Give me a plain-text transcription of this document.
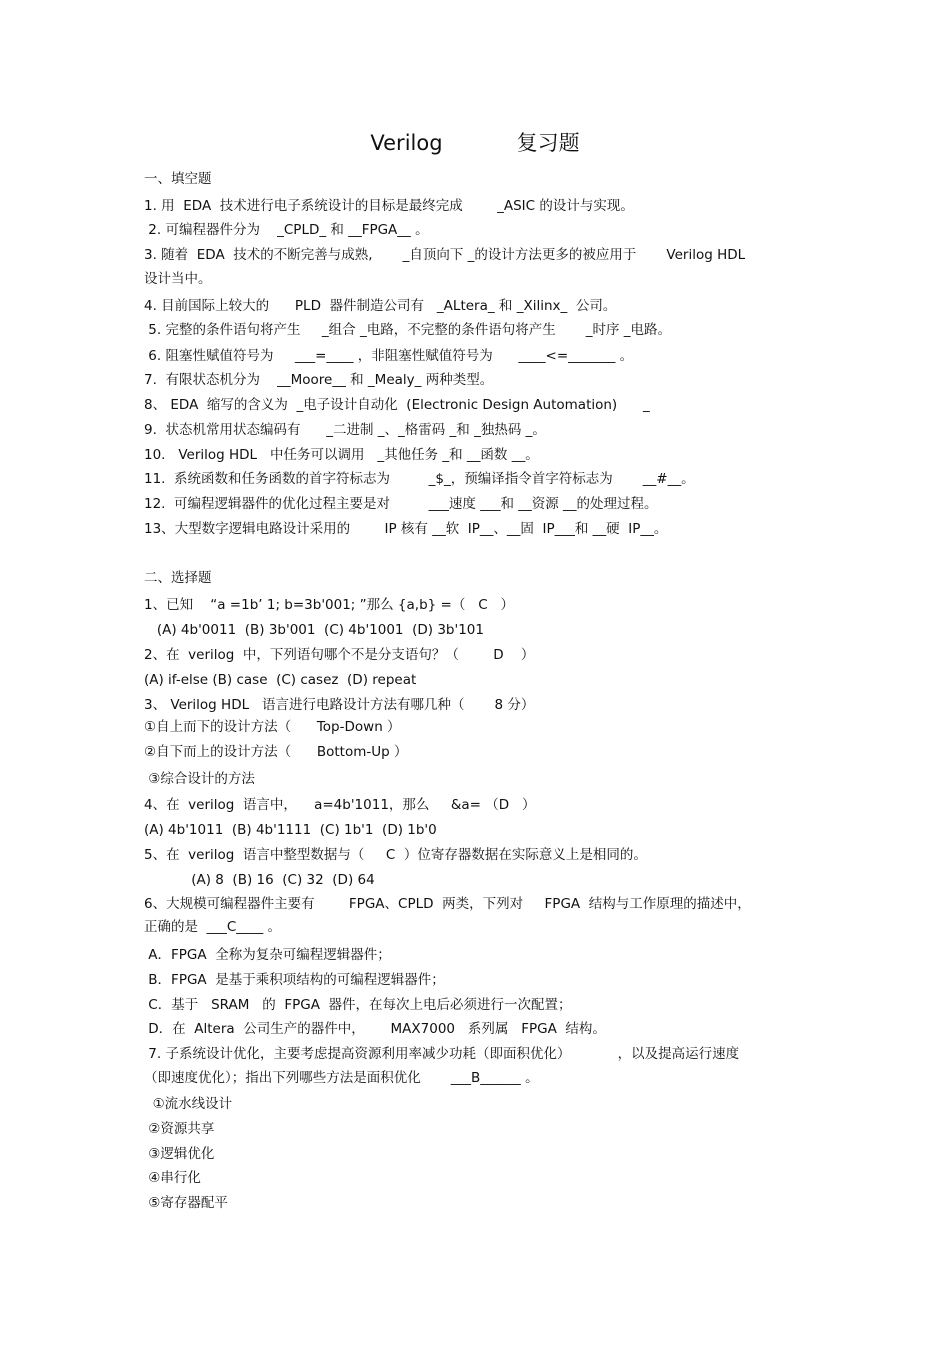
Verilog   复习题
一、填空题
1. 用  EDA  技术进行电子系统设计的目标是最终完成        _ASIC 的设计与实现。
2. 可编程器件分为    _CPLD_ 和 __FPGA__ 。
3. 随着  EDA  技术的不断完善与成熟,       _自顶向下 _的设计方法更多的被应用于       Verilog HDL
设计当中。
4. 目前国际上较大的      PLD  器件制造公司有   _ALtera_ 和 _Xilinx_  公司。
5. 完整的条件语句将产生     _组合 _电路，不完整的条件语句将产生       _时序 _电路。
6. 阻塞性赋值符号为     ___=____ ，非阻塞性赋值符号为      ____<=_______ 。
7.  有限状态机分为    __Moore__ 和 _Mealy_ 两种类型。
8、 EDA  缩写的含义为  _电子设计自动化  (Electronic Design Automation)      _
9.  状态机常用状态编码有      _二进制 _、_格雷码 _和 _独热码 _。
10.   Verilog HDL   中任务可以调用   _其他任务 _和 __函数 __。
11.  系统函数和任务函数的首字符标志为         _$_，预编译指令首字符标志为       __#__。
12.  可编程逻辑器件的优化过程主要是对         ___速度 ___和 __资源 __的处理过程。
13、大型数字逻辑电路设计采用的        IP 核有 __软  IP__、__固  IP___和 __硬  IP__。
二、选择题
1、已知    “a =1b’ 1; b=3b'001; ”那么 {a,b} =（   C   ）
(A) 4b'0011  (B) 3b'001  (C) 4b'1001  (D) 3b'101
2、在  verilog  中，下列语句哪个不是分支语句？（        D    ）
(A) if-else (B) case  (C) casez  (D) repeat
3、 Verilog HDL   语言进行电路设计方法有哪几种（       8 分）
①自上而下的设计方法（      Top-Down ）
②自下而上的设计方法（      Bottom-Up ）
③综合设计的方法
4、在  verilog  语言中，    a=4b'1011，那么     &a= （D   ）
(A) 4b'1011  (B) 4b'1111  (C) 1b'1  (D) 1b'0
5、在  verilog  语言中整型数据与（     C  ）位寄存器数据在实际意义上是相同的。
(A) 8  (B) 16  (C) 32  (D) 64
6、大规模可编程器件主要有        FPGA、CPLD  两类，下列对     FPGA  结构与工作原理的描述中，
正确的是  ___C____ 。
A．FPGA  全称为复杂可编程逻辑器件；
B．FPGA  是基于乘积项结构的可编程逻辑器件；
C．基于   SRAM   的  FPGA  器件，在每次上电后必须进行一次配置；
D．在  Altera  公司生产的器件中，      MAX7000   系列属   FPGA  结构。
7. 子系统设计优化，主要考虑提高资源利用率减少功耗（即面积优化）           ，以及提高运行速度
（即速度优化）；指出下列哪些方法是面积优化       ___B______ 。
①流水线设计
②资源共享
③逻辑优化
④串行化
⑤寄存器配平
